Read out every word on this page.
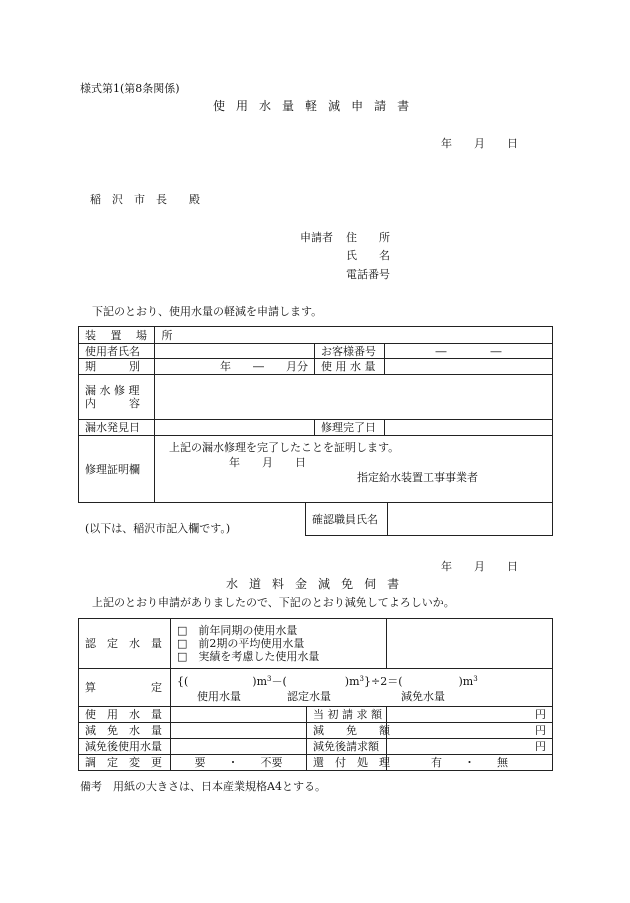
様式第1(第8条関係)
使 用 水 量 軽 減 申 請 書
年　　月　　日
稲　沢　市　長　　殿
申請者 住　　所
氏　　名
電話番号
下記のとおり、使用水量の軽減を申請します。
装 置 場 所			
使用者氏名		お客様番号	―　　　　―
期　　　別	年　　―　　月分	使 用 水 量	
漏 水 修 理
内　　　容			
漏水発見日		修理完了日	
修理証明欄	上記の漏水修理を完了したことを証明します。
年　　月　　日
指定給水装置工事事業者		
(以下は、稲沢市記入欄です。)
確認職員氏名	
年　　月　　日
水 道 料 金 減 免 伺 書
上記のとおり申請がありましたので、下記のとおり減免してよろしいか。
認　定　水　量	□　前年同期の使用水量
□　前2期の平均使用水量
□　実績を考慮した使用水量		

算　　　　　定	{( )$m^3-$( )$m^3\}\div 2=$( )$m^3$
使用水量 認定水量 減免水量		

使　用　水　量		当 初 請 求 額	円
減　免　水　量		減　　免　　額	円
減免後使用水量		減免後請求額	円
調　定　変　更	要　　・　　不要	還　付　処　理	有　　・　　無
備考　用紙の大きさは、日本産業規格A4とする。
